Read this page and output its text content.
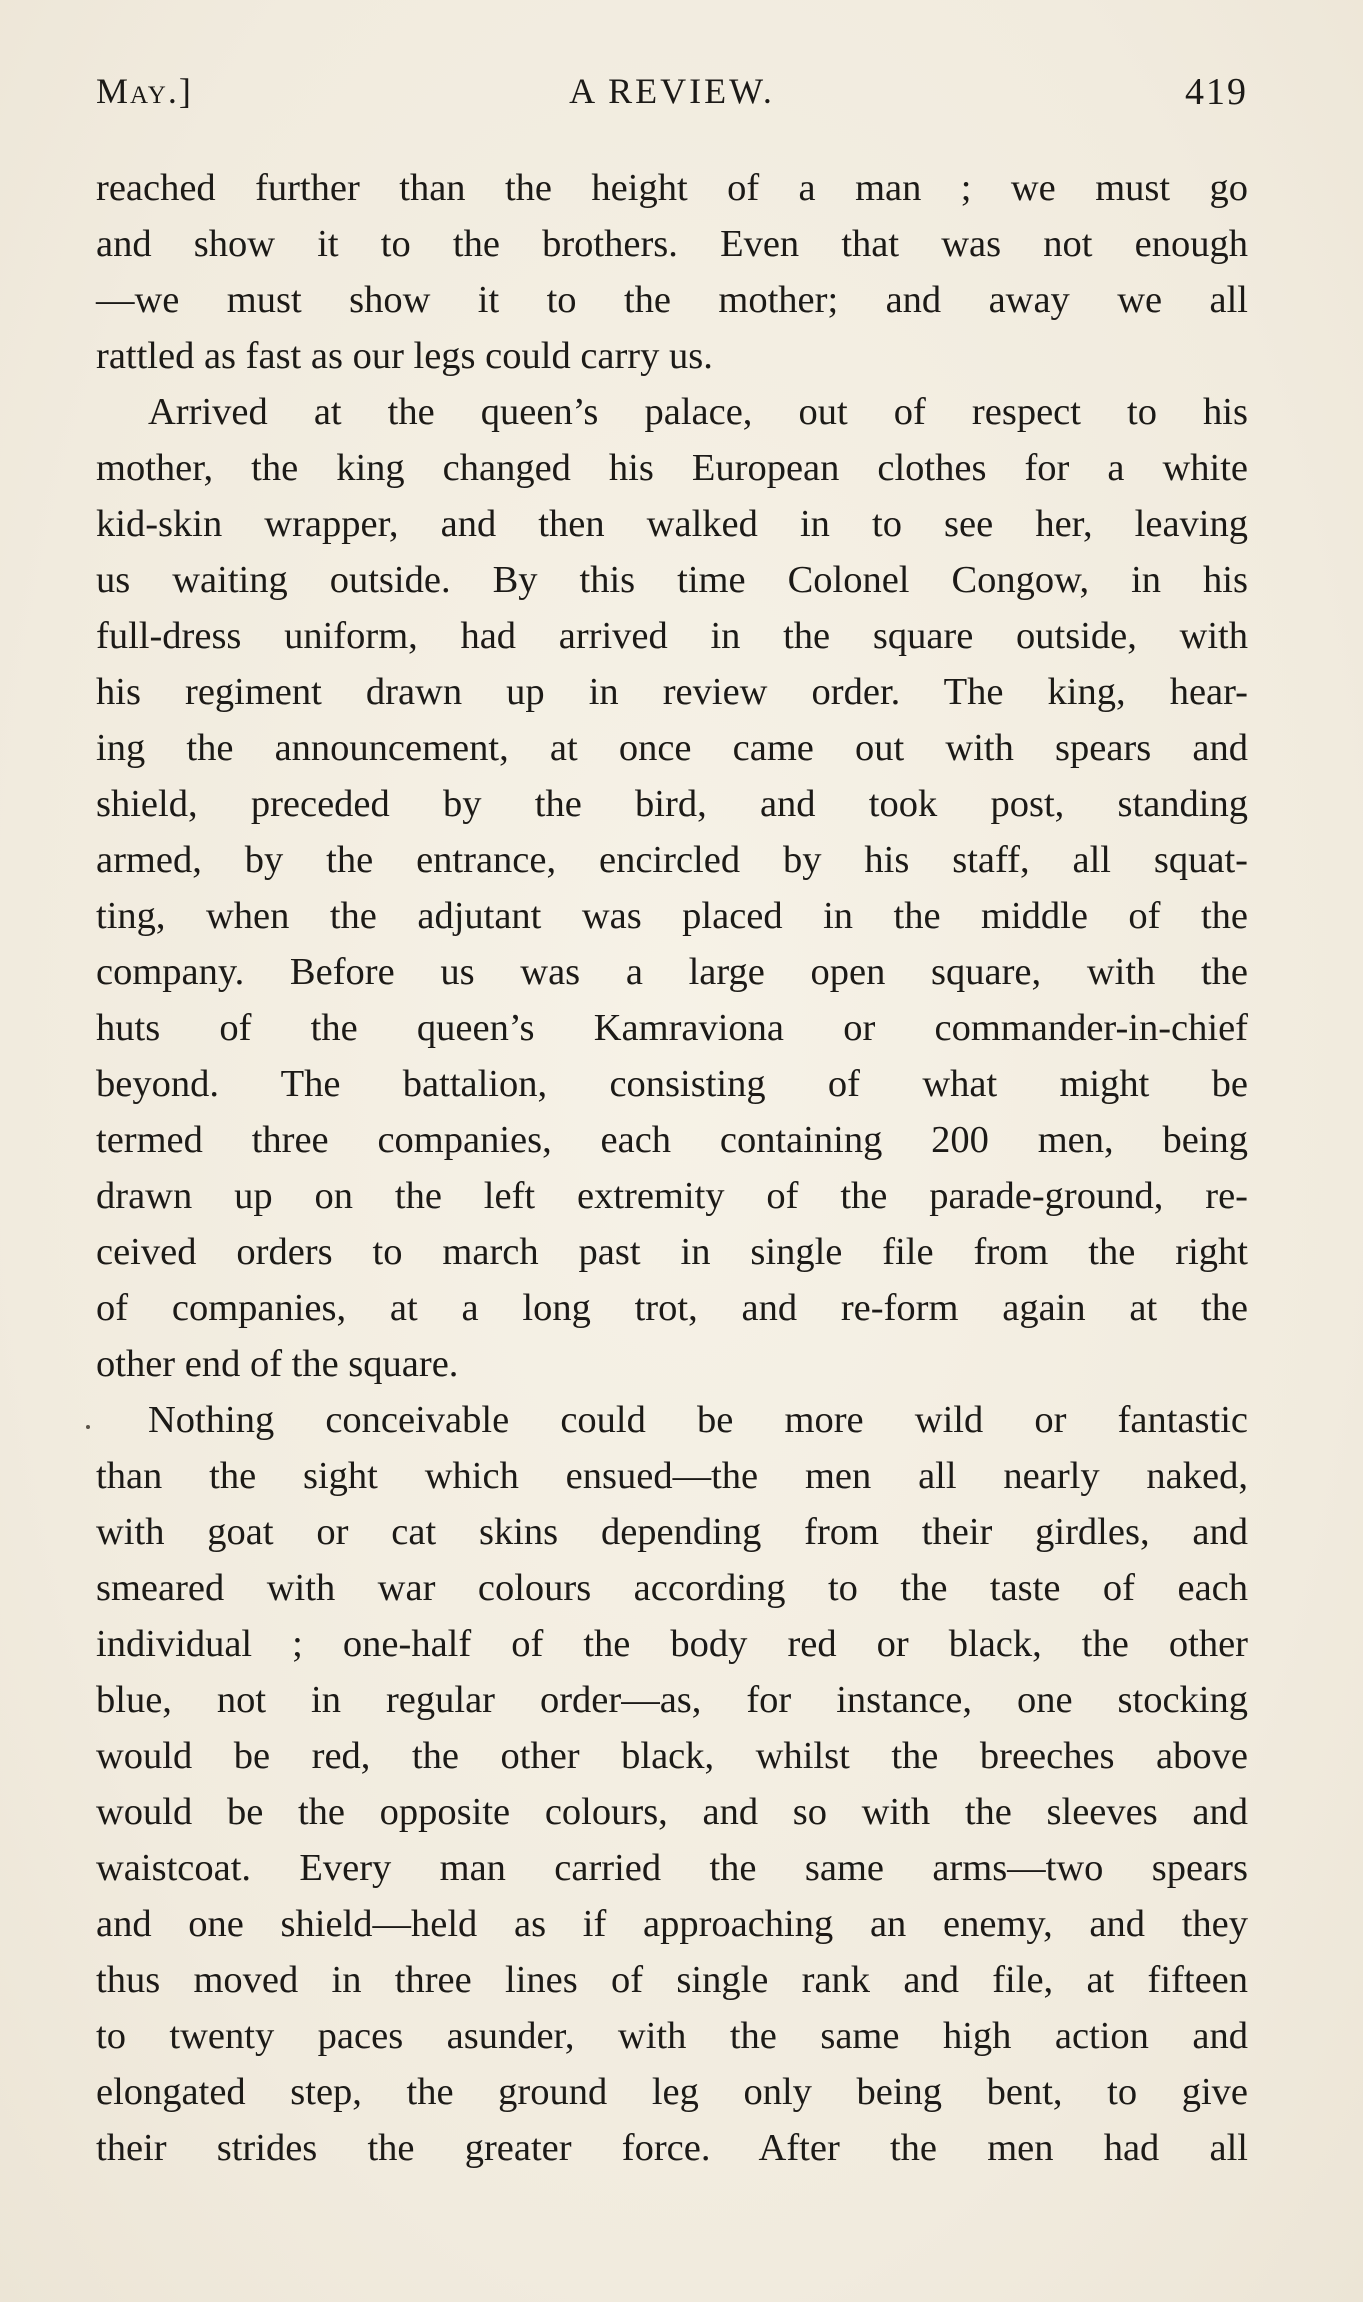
May.]	A REVIEW.	419
reached further than the height of a man ; we must go
and show it to the brothers. Even that was not enough
—we must show it to the mother; and away we all
rattled as fast as our legs could carry us.
Arrived at the queen’s palace, out of respect to his
mother, the king changed his European clothes for a white
kid-skin wrapper, and then walked in to see her, leaving
us waiting outside. By this time Colonel Congow, in his
full-dress uniform, had arrived in the square outside, with
his regiment drawn up in review order. The king, hear-
ing the announcement, at once came out with spears and
shield, preceded by the bird, and took post, standing
armed, by the entrance, encircled by his staff, all squat-
ting, when the adjutant was placed in the middle of the
company. Before us was a large open square, with the
huts of the queen’s Kamraviona or commander-in-chief
beyond. The battalion, consisting of what might be
termed three companies, each containing 200 men, being
drawn up on the left extremity of the parade-ground, re-
ceived orders to march past in single file from the right
of companies, at a long trot, and re-form again at the
other end of the square.
Nothing conceivable could be more wild or fantastic
than the sight which ensued—the men all nearly naked,
with goat or cat skins depending from their girdles, and
smeared with war colours according to the taste of each
individual ; one-half of the body red or black, the other
blue, not in regular order—as, for instance, one stocking
would be red, the other black, whilst the breeches above
would be the opposite colours, and so with the sleeves and
waistcoat. Every man carried the same arms—two spears
and one shield—held as if approaching an enemy, and they
thus moved in three lines of single rank and file, at fifteen
to twenty paces asunder, with the same high action and
elongated step, the ground leg only being bent, to give
their strides the greater force. After the men had all
